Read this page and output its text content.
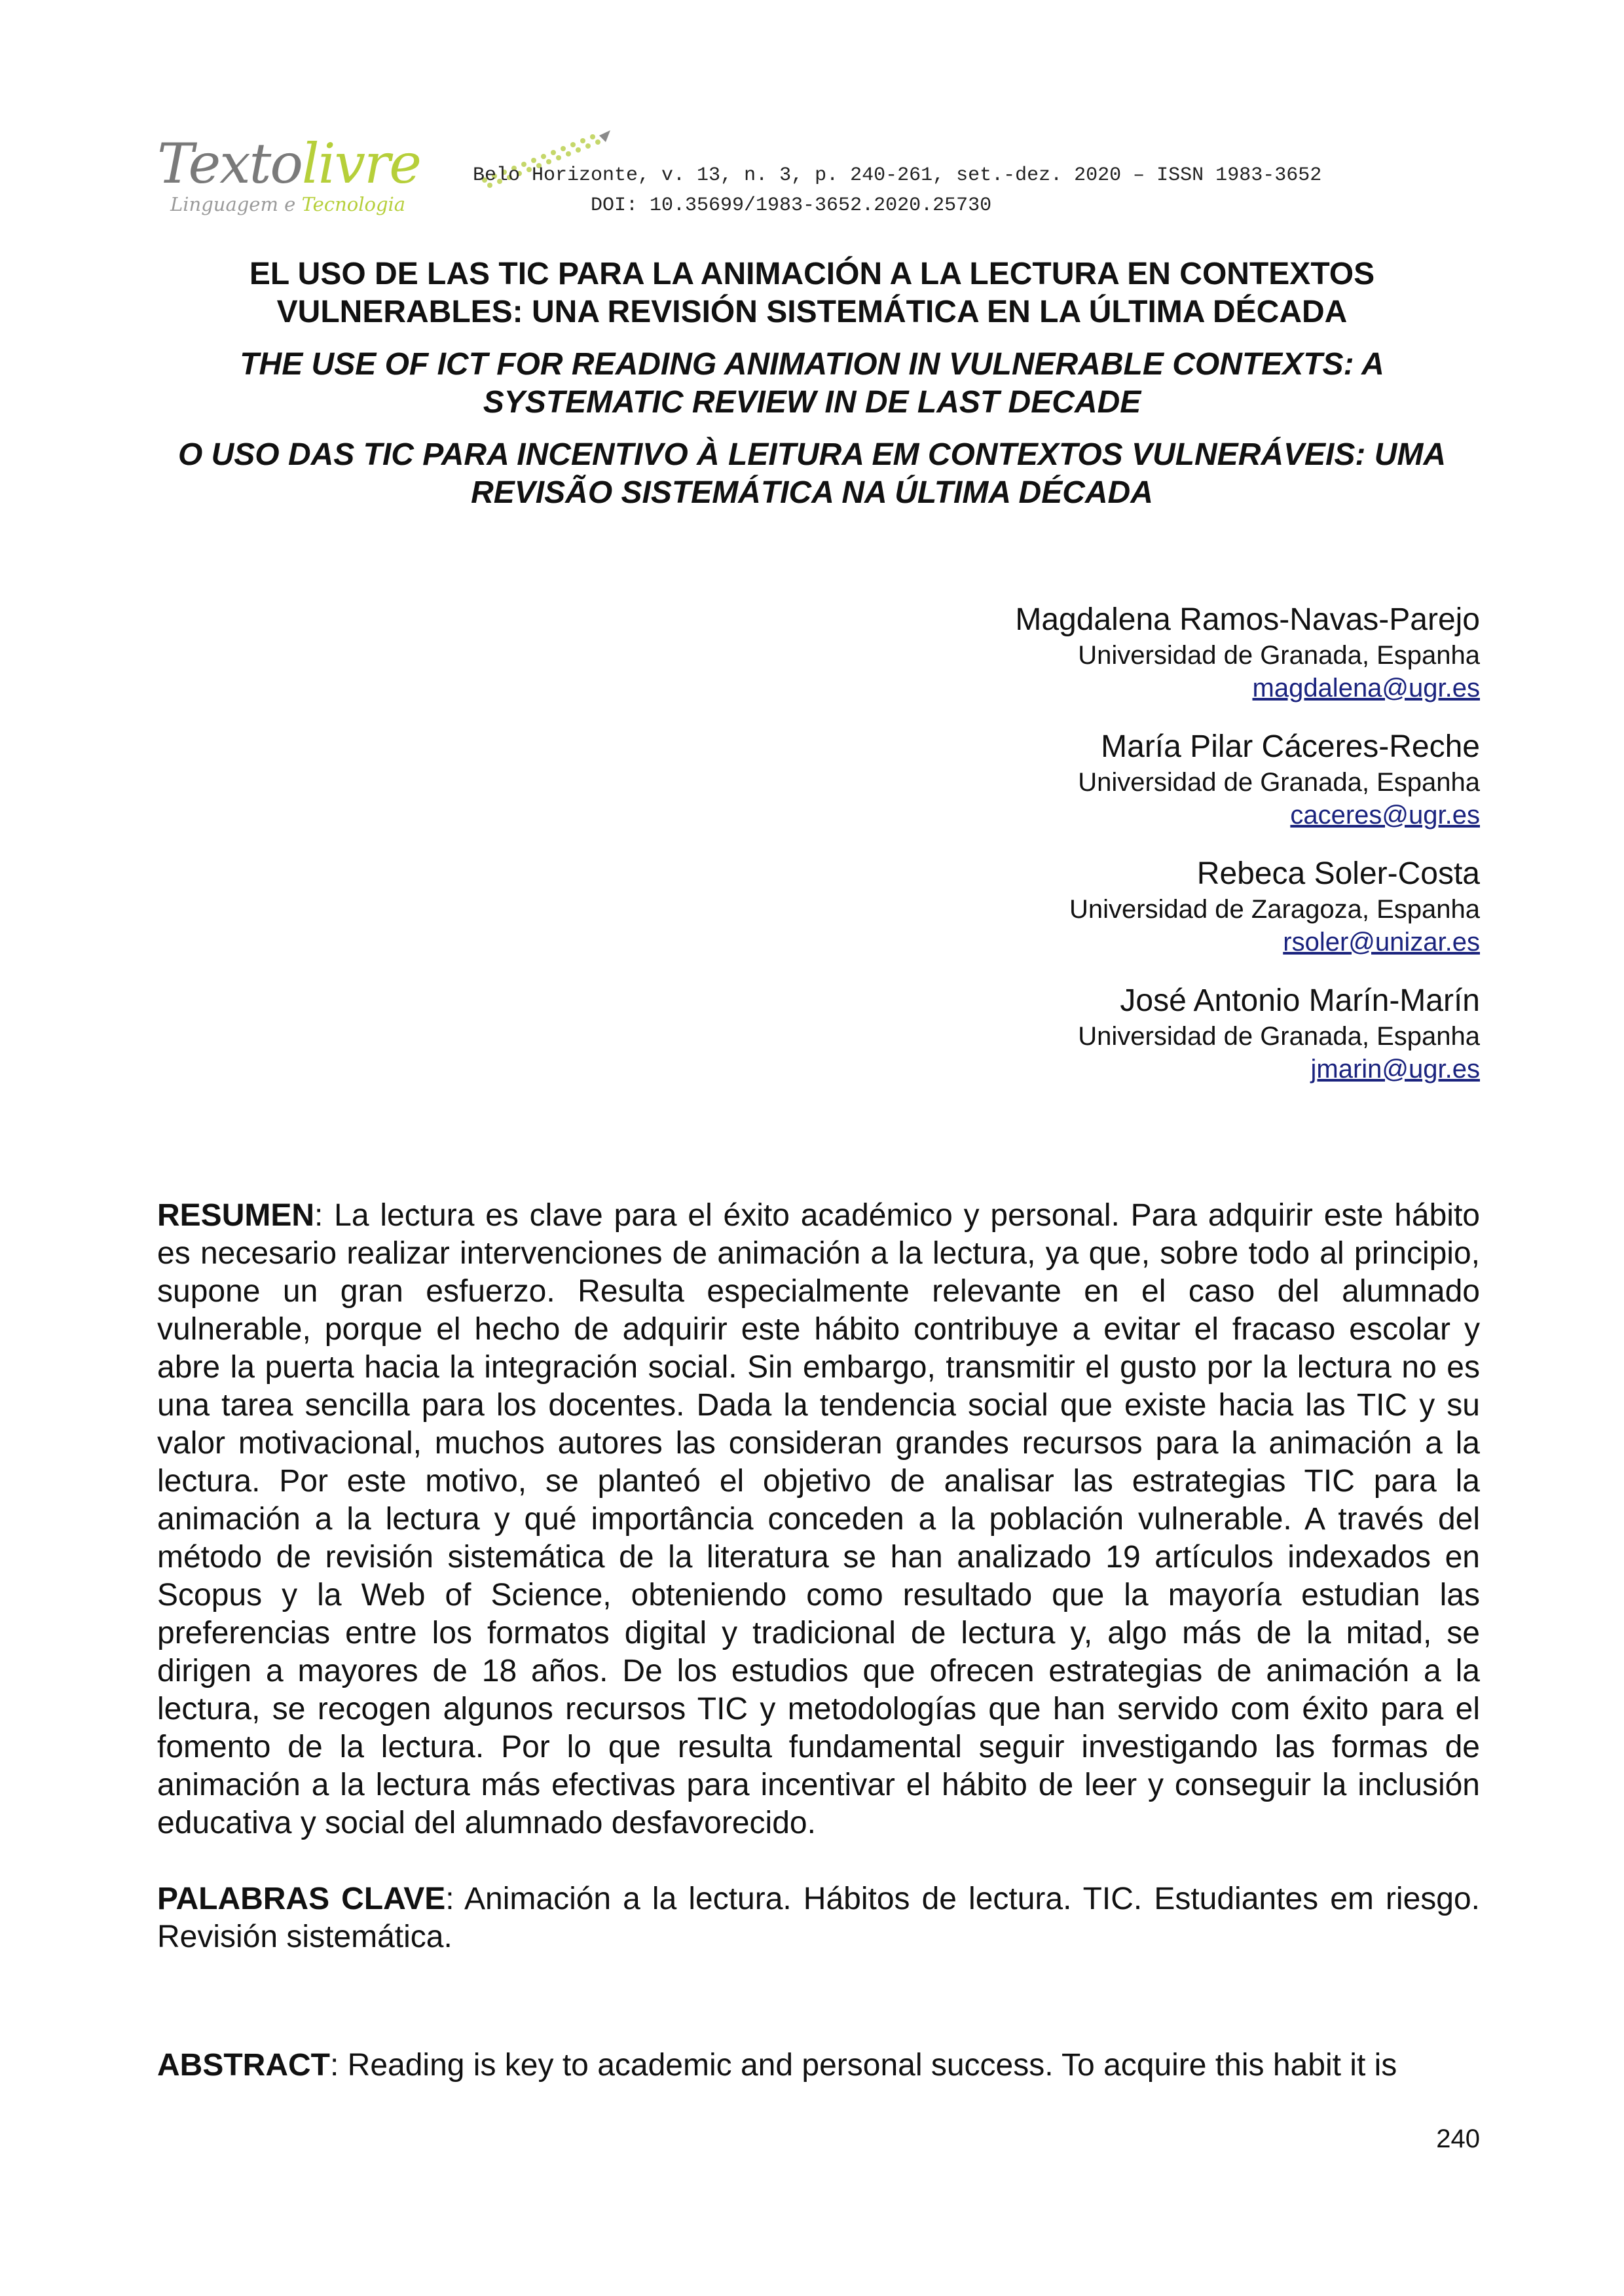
Textolivre
Linguagem e Tecnologia
Belo Horizonte, v. 13, n. 3, p. 240-261, set.-dez. 2020 – ISSN 1983-3652
DOI: 10.35699/1983-3652.2020.25730

EL USO DE LAS TIC PARA LA ANIMACIÓN A LA LECTURA EN CONTEXTOS VULNERABLES: UNA REVISIÓN SISTEMÁTICA EN LA ÚLTIMA DÉCADA

THE USE OF ICT FOR READING ANIMATION IN VULNERABLE CONTEXTS: A SYSTEMATIC REVIEW IN DE LAST DECADE

O USO DAS TIC PARA INCENTIVO À LEITURA EM CONTEXTOS VULNERÁVEIS: UMA REVISÃO SISTEMÁTICA NA ÚLTIMA DÉCADA

Magdalena Ramos-Navas-Parejo
Universidad de Granada, Espanha
magdalena@ugr.es
María Pilar Cáceres-Reche
Universidad de Granada, Espanha
caceres@ugr.es
Rebeca Soler-Costa
Universidad de Zaragoza, Espanha
rsoler@unizar.es
José Antonio Marín-Marín
Universidad de Granada, Espanha
jmarin@ugr.es

RESUMEN: La lectura es clave para el éxito académico y personal. Para adquirir este hábito es necesario realizar intervenciones de animación a la lectura, ya que, sobre todo al principio, supone un gran esfuerzo. Resulta especialmente relevante en el caso del alumnado vulnerable, porque el hecho de adquirir este hábito contribuye a evitar el fracaso escolar y abre la puerta hacia la integración social. Sin embargo, transmitir el gusto por la lectura no es una tarea sencilla para los docentes. Dada la tendencia social que existe hacia las TIC y su valor motivacional, muchos autores las consideran grandes recursos para la animación a la lectura. Por este motivo, se planteó el objetivo de analisar las estrategias TIC para la animación a la lectura y qué importância conceden a la población vulnerable. A través del método de revisión sistemática de la literatura se han analizado 19 artículos indexados en Scopus y la Web of Science, obteniendo como resultado que la mayoría estudian las preferencias entre los formatos digital y tradicional de lectura y, algo más de la mitad, se dirigen a mayores de 18 años. De los estudios que ofrecen estrategias de animación a la lectura, se recogen algunos recursos TIC y metodologías que han servido com éxito para el fomento de la lectura. Por lo que resulta fundamental seguir investigando las formas de animación a la lectura más efectivas para incentivar el hábito de leer y conseguir la inclusión educativa y social del alumnado desfavorecido.

PALABRAS CLAVE: Animación a la lectura. Hábitos de lectura. TIC. Estudiantes em riesgo. Revisión sistemática.

ABSTRACT: Reading is key to academic and personal success. To acquire this habit it is

240
